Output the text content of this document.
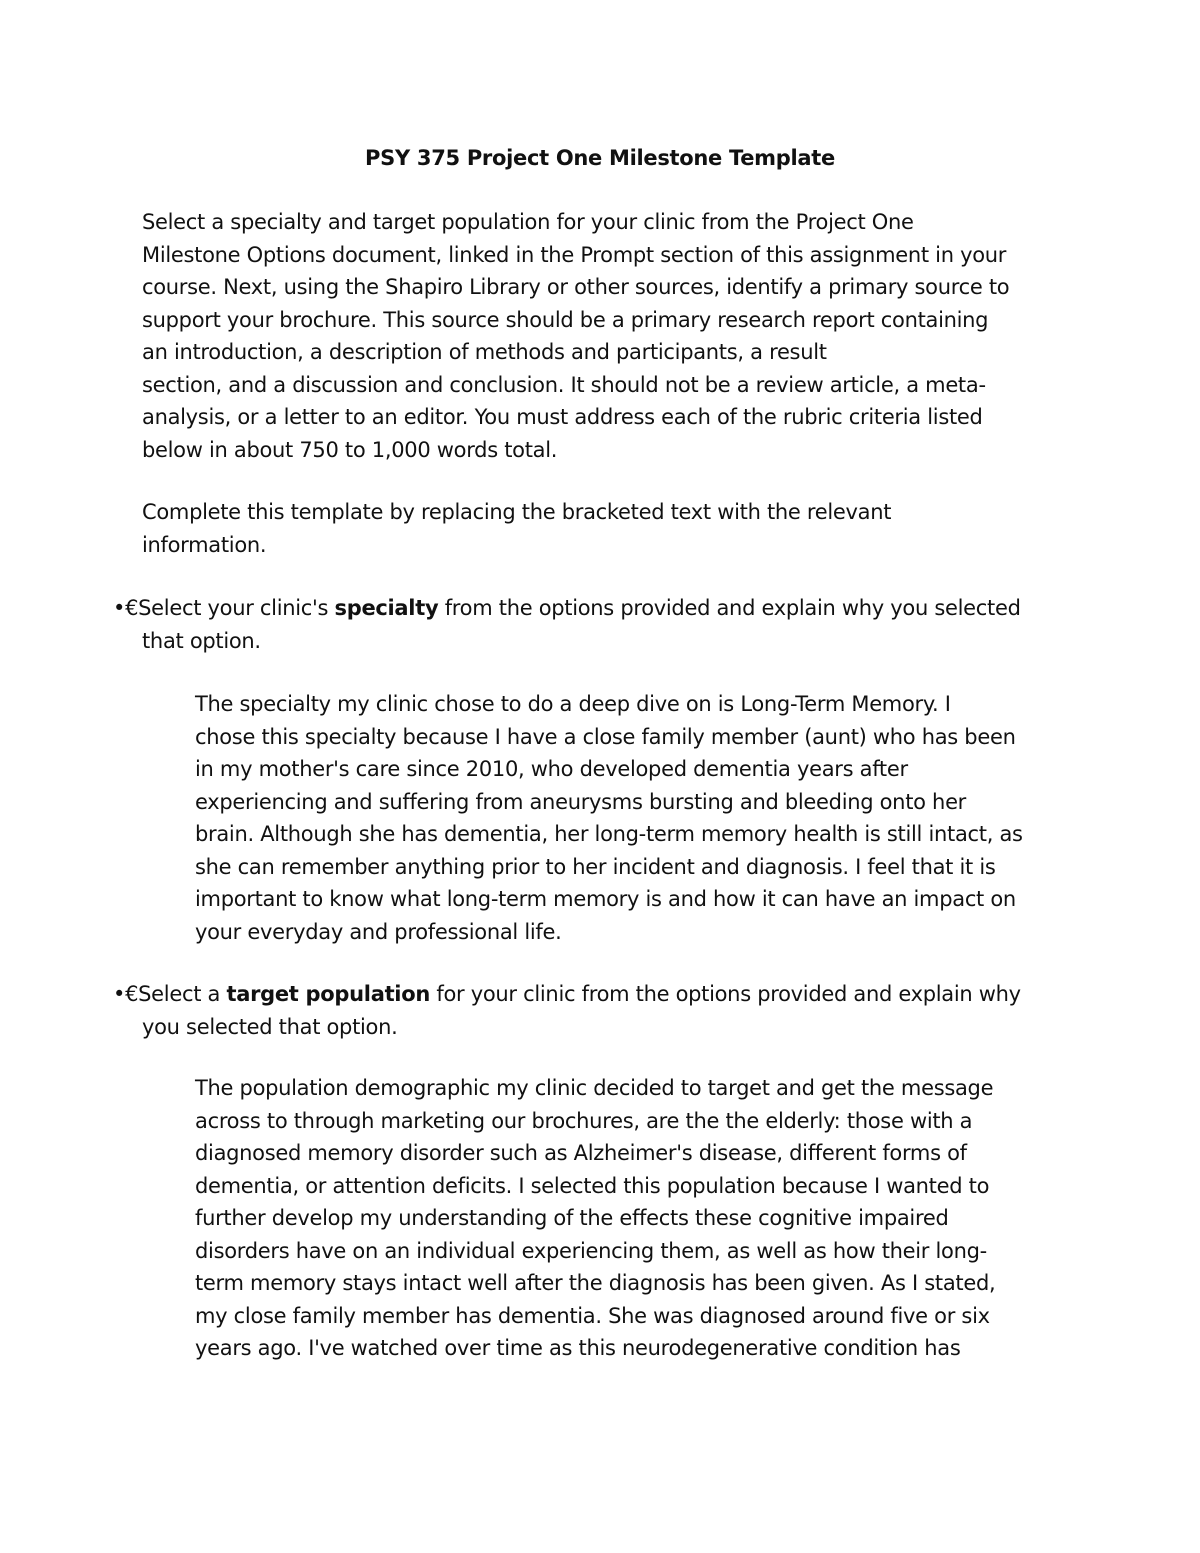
PSY 375 Project One Milestone Template
Select a specialty and target population for your clinic from the Project One
Milestone Options document, linked in the Prompt section of this assignment in your
course. Next, using the Shapiro Library or other sources, identify a primary source to
support your brochure. This source should be a primary research report containing
an introduction, a description of methods and participants, a result
section, and a discussion and conclusion. It should not be a review article, a meta-
analysis, or a letter to an editor. You must address each of the rubric criteria listed
below in about 750 to 1,000 words total.
Complete this template by replacing the bracketed text with the relevant
information.
•€Select your clinic's specialty from the options provided and explain why you selected
that option.
The specialty my clinic chose to do a deep dive on is Long-Term Memory. I
chose this specialty because I have a close family member (aunt) who has been
in my mother's care since 2010, who developed dementia years after
experiencing and suffering from aneurysms bursting and bleeding onto her
brain. Although she has dementia, her long-term memory health is still intact, as
she can remember anything prior to her incident and diagnosis. I feel that it is
important to know what long-term memory is and how it can have an impact on
your everyday and professional life.
•€Select a target population for your clinic from the options provided and explain why
you selected that option.
The population demographic my clinic decided to target and get the message
across to through marketing our brochures, are the the elderly: those with a
diagnosed memory disorder such as Alzheimer's disease, different forms of
dementia, or attention deficits. I selected this population because I wanted to
further develop my understanding of the effects these cognitive impaired
disorders have on an individual experiencing them, as well as how their long-
term memory stays intact well after the diagnosis has been given. As I stated,
my close family member has dementia. She was diagnosed around five or six
years ago. I've watched over time as this neurodegenerative condition has
